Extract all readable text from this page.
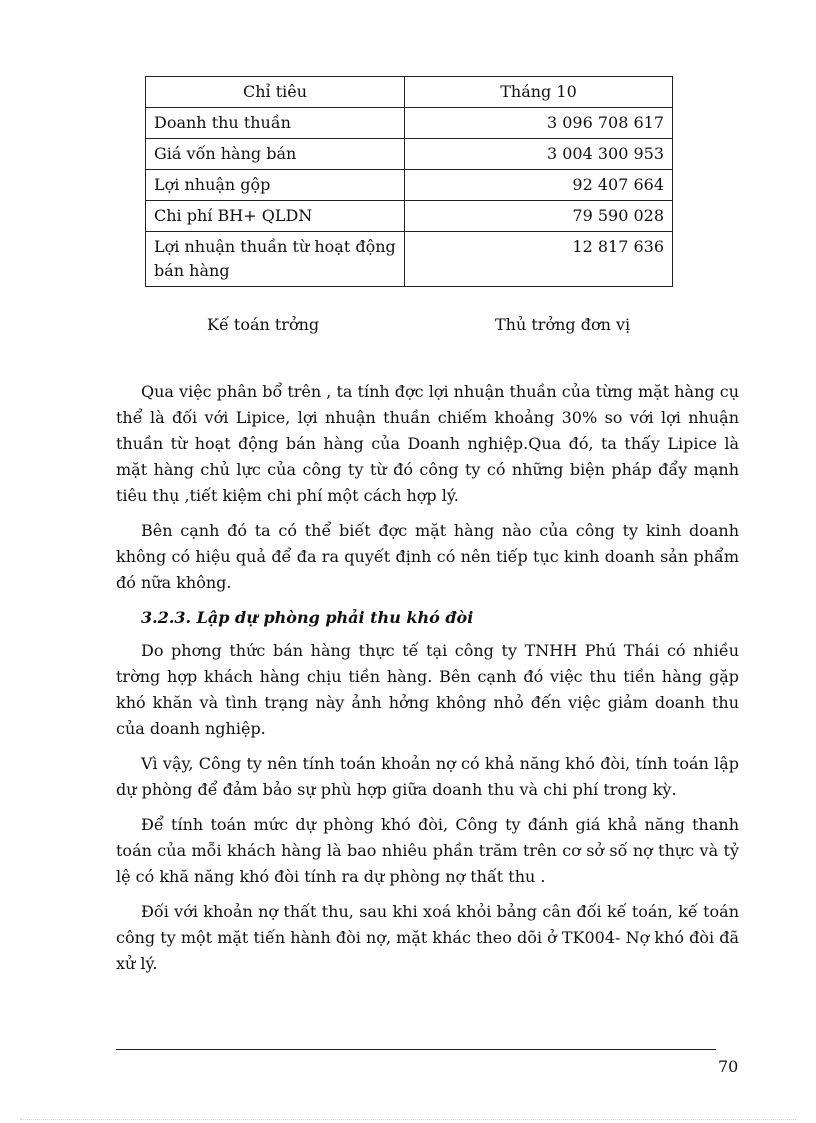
Chỉ tiêu	Tháng 10
Doanh thu thuần	3 096 708 617
Giá vốn hàng bán	3 004 300 953
Lợi nhuận gộp	92 407 664
Chi phí BH+ QLDN	79 590 028
Lợi nhuận thuần từ hoạt động bán hàng	12 817 636
Kế toán trởng	Thủ trởng đơn vị

Qua việc phân bổ trên , ta tính đợc lợi nhuận thuần của từng mặt hàng cụ thể là đối với Lipice, lợi nhuận thuần chiếm khoảng 30% so với lợi nhuận thuần từ hoạt động bán hàng của Doanh nghiệp.Qua đó, ta thấy Lipice là mặt hàng chủ lực của công ty từ đó công ty có những biện pháp đẩy mạnh tiêu thụ ,tiết kiệm chi phí một cách hợp lý.

Bên cạnh đó ta có thể biết đợc mặt hàng nào của công ty kinh doanh không có hiệu quả để đa ra quyết định có nên tiếp tục kinh doanh sản phẩm đó nữa không.

3.2.3. Lập dự phòng phải thu khó đòi

Do phơng thức bán hàng thực tế tại công ty TNHH Phú Thái có nhiều trờng hợp khách hàng chịu tiền hàng. Bên cạnh đó việc thu tiền hàng gặp khó khăn và tình trạng này ảnh hởng không nhỏ đến việc giảm doanh thu của doanh nghiệp.

Vì vậy, Công ty nên tính toán khoản nợ có khả năng khó đòi, tính toán lập dự phòng để đảm bảo sự phù hợp giữa doanh thu và chi phí trong kỳ.

Để tính toán mức dự phòng khó đòi, Công ty đánh giá khả năng thanh toán của mỗi khách hàng là bao nhiêu phần trăm trên cơ sở số nợ thực và tỷ lệ có khă năng khó đòi tính ra dự phòng nợ thất thu .

Đối với khoản nợ thất thu, sau khi xoá khỏi bảng cân đối kế toán, kế toán công ty một mặt tiến hành đòi nợ, mặt khác theo dõi ở TK004- Nợ khó đòi đã xử lý.

70
